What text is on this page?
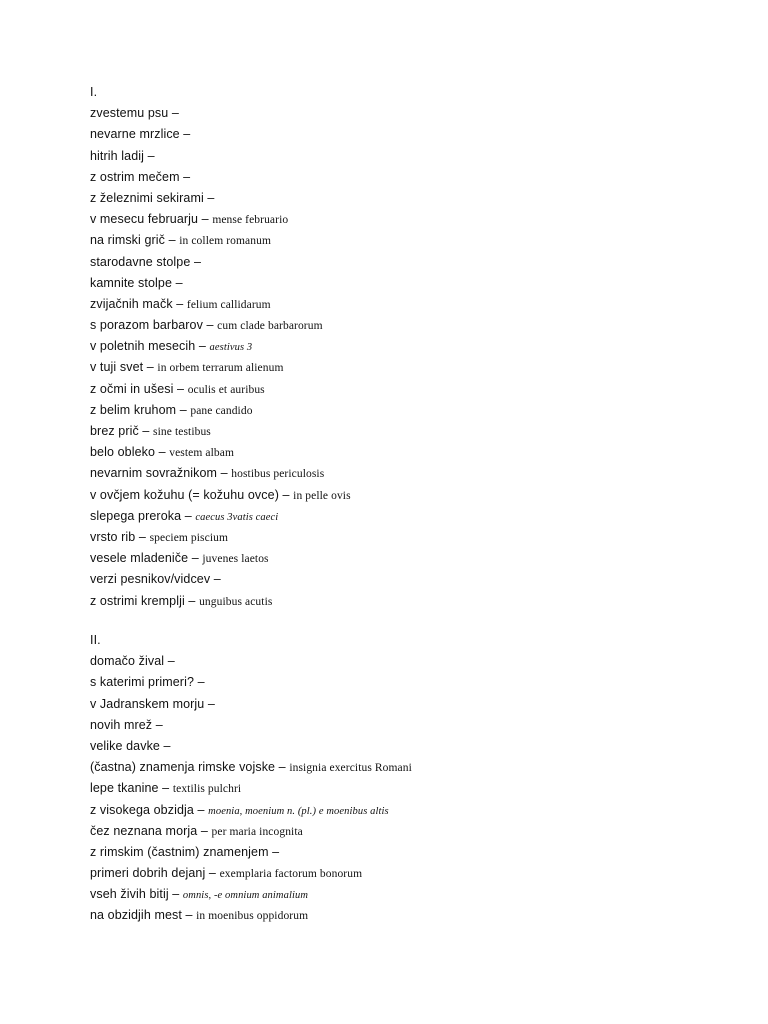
I.
zvestemu psu –
nevarne mrzlice –
hitrih ladij –
z ostrim mečem –
z železnimi sekirami –
v mesecu februarju – mense februario
na rimski grič – in collem romanum
starodavne stolpe –
kamnite stolpe –
zvijačnih mačk – felium callidarum
s porazom barbarov – cum clade barbarorum
v poletnih mesecih – aestivus 3
v tuji svet – in orbem terrarum alienum
z očmi in ušesi – oculis et auribus
z belim kruhom – pane candido
brez prič – sine testibus
belo obleko – vestem albam
nevarnim sovražnikom – hostibus periculosis
v ovčjem kožuhu (= kožuhu ovce) – in pelle ovis
slepega preroka – caecus 3vatis caeci
vrsto rib – speciem piscium
vesele mladeniče – juvenes laetos
verzi pesnikov/vidcev –
z ostrimi kremplji – unguibus acutis
II.
domačo žival –
s katerimi primeri? –
v Jadranskem morju –
novih mrež –
velike davke –
(častna) znamenja rimske vojske – insignia exercitus Romani
lepe tkanine – textilis pulchri
z visokega obzidja – moenia, moenium n. (pl.) e moenibus altis
čez neznana morja – per maria incognita
z rimskim (častnim) znamenjem –
primeri dobrih dejanj – exemplaria factorum bonorum
vseh živih bitij – omnis, -e omnium animalium
na obzidjih mest – in moenibus oppidorum
